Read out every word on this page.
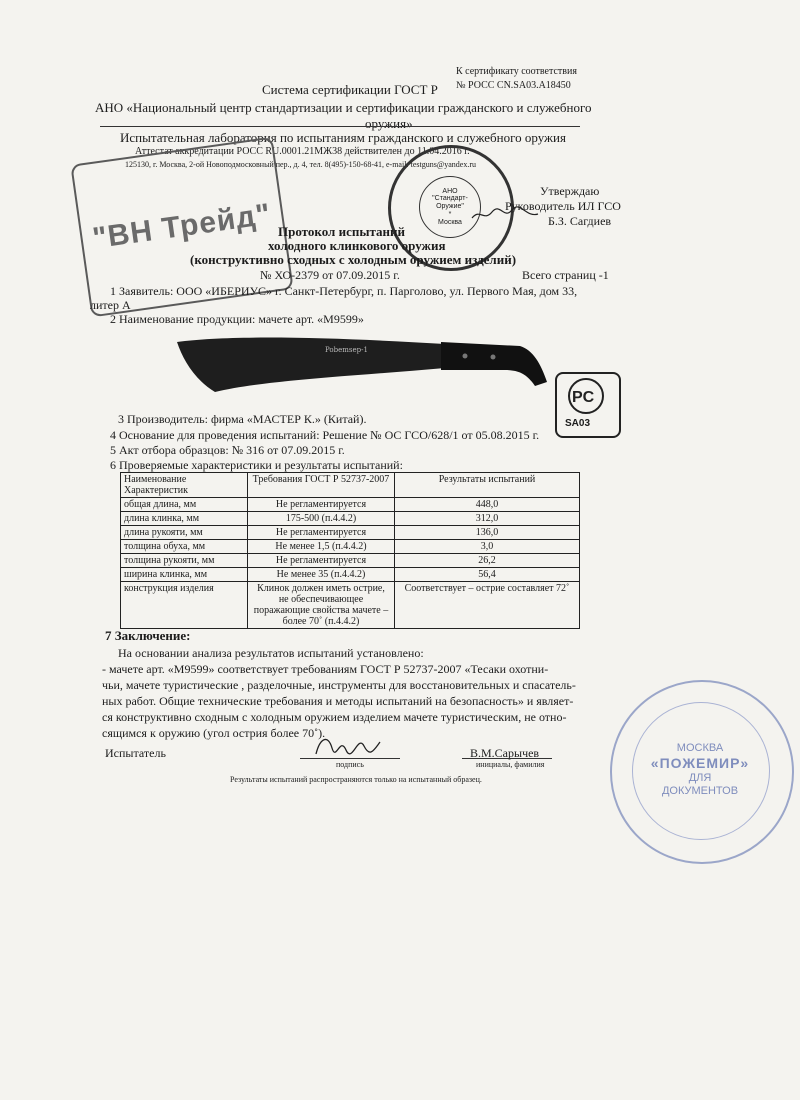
К сертификату соответствия
№ РОСС CN.SA03.A18450
Система сертификации ГОСТ Р
АНО «Национальный центр стандартизации и сертификации гражданского и служебного
оружия»
Испытательная лаборатория по испытаниям гражданского и служебного оружия
Аттестат аккредитации РОСС RU.0001.21МЖ38 действителен до 11.04.2016 г.
125130, г. Москва, 2-ой Новоподмосковный пер., д. 4, тел. 8(495)-150-68-41, e-mail: testguns@yandex.ru
"ВН Трейд"
АНО
"Стандарт-
Оружие"
*
Москва
Утверждаю
Руководитель ИЛ ГСО
Б.З. Сагдиев
Протокол испытаний
холодного клинкового оружия
(конструктивно сходных с холодным оружием изделий)
№ ХО-2379 от 07.09.2015 г.	Всего страниц -1
1 Заявитель: ООО «ИБЕРИУС» г. Санкт-Петербург, п. Парголово, ул. Первого Мая, дом 33,
литер А
2 Наименование продукции: мачете арт. «M9599»
Pobemsep-1
PC
SA03
3 Производитель: фирма «МАСТЕР К.» (Китай).
4 Основание для проведения испытаний: Решение № ОС ГСО/628/1 от 05.08.2015 г.
5 Акт отбора образцов: № 316 от 07.09.2015 г.
6 Проверяемые характеристики и результаты испытаний:
Наименование Характеристик	Требования ГОСТ Р 52737-2007	Результаты испытаний
общая длина, мм	Не регламентируется	448,0
длина клинка, мм	175-500 (п.4.4.2)	312,0
длина рукояти, мм	Не регламентируется	136,0
толщина обуха, мм	Не менее 1,5 (п.4.4.2)	3,0
толщина рукояти, мм	Не регламентируется	26,2
ширина клинка, мм	Не менее 35 (п.4.4.2)	56,4
конструкция изделия	Клинок должен иметь острие, не обеспечивающее поражающие свойства мачете – более 70˚ (п.4.4.2)	Соответствует – острие составляет 72˚
7 Заключение:
На основании анализа результатов испытаний установлено:
- мачете арт. «M9599» соответствует требованиям ГОСТ Р 52737-2007 «Тесаки охотни-
чьи, мачете туристические , разделочные, инструменты для восстановительных и спасатель-
ных работ. Общие технические требования и методы испытаний на безопасность» и являет-
ся конструктивно сходным с холодным оружием изделием мачете туристическим, не отно-
сящимся к оружию (угол острия более 70˚).
МОСКВА
«ПОЖЕМИР»
ДЛЯ
ДОКУМЕНТОВ
Испытатель
подпись
В.М.Сарычев
инициалы, фамилия
Результаты испытаний распространяются только на испытанный образец.
